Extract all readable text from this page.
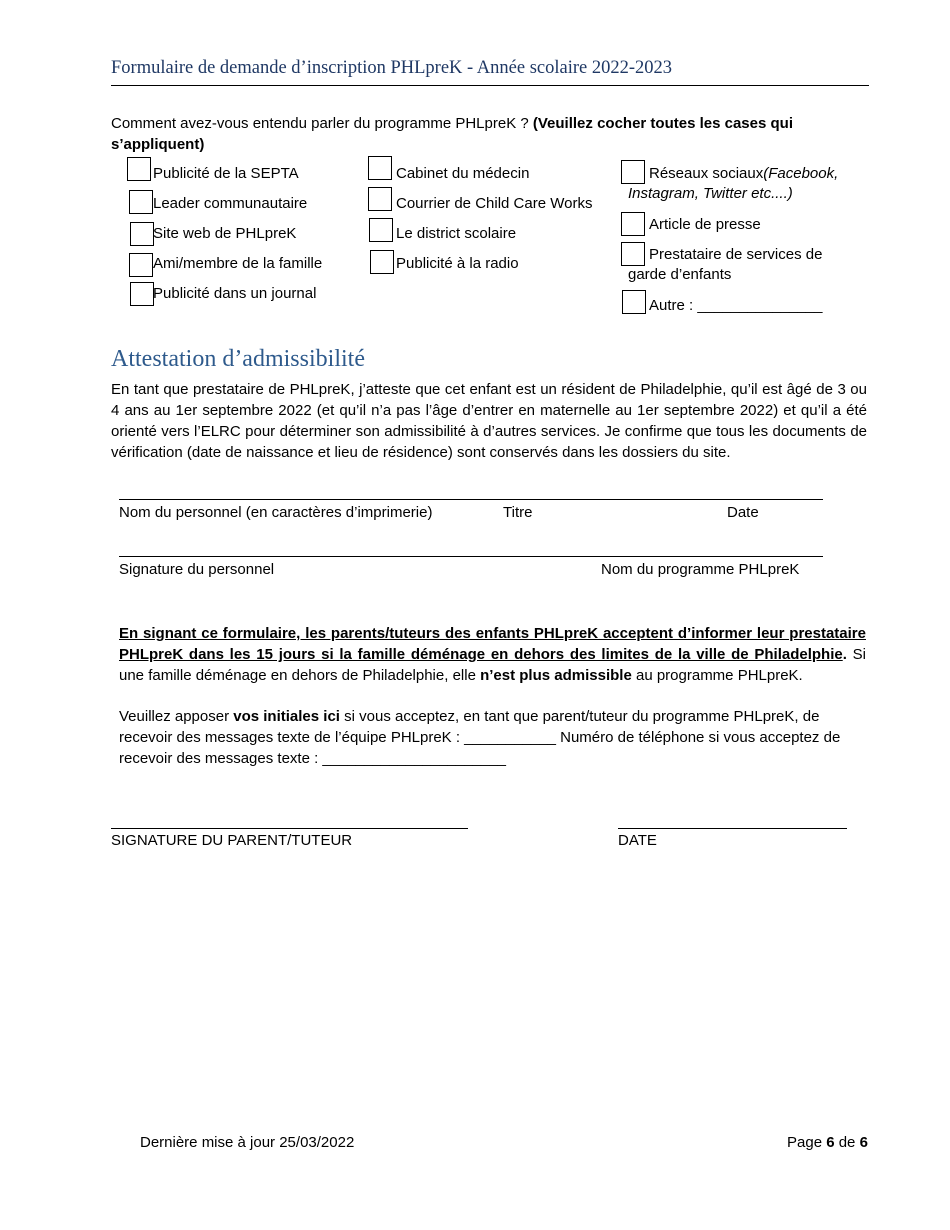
Formulaire de demande d’inscription PHLpreK - Année scolaire 2022-2023
Comment avez-vous entendu parler du programme PHLpreK ? (Veuillez cocher toutes les cases qui s’appliquent)
Publicité de la SEPTA
Leader communautaire
Site web de PHLpreK
Ami/membre de la famille
Publicité dans un journal
Cabinet du médecin
Courrier de Child Care Works
Le district scolaire
Publicité à la radio
Réseaux sociaux(Facebook,
Instagram, Twitter etc....)
Article de presse
Prestataire de services de
garde d’enfants
Autre : _______________
Attestation d’admissibilité
En tant que prestataire de PHLpreK, j’atteste que cet enfant est un résident de Philadelphie, qu’il est âgé de 3 ou 4 ans au 1er septembre 2022 (et qu’il n’a pas l’âge d’entrer en maternelle au 1er septembre 2022) et qu’il a été orienté vers l’ELRC pour déterminer son admissibilité à d’autres services. Je confirme que tous les documents de vérification (date de naissance et lieu de résidence) sont conservés dans les dossiers du site.
Nom du personnel (en caractères d’imprimerie)	Titre	Date
Signature du personnel	Nom du programme PHLpreK
En signant ce formulaire, les parents/tuteurs des enfants PHLpreK acceptent d’informer leur prestataire PHLpreK dans les 15 jours si la famille déménage en dehors des limites de la ville de Philadelphie. Si une famille déménage en dehors de Philadelphie, elle n’est plus admissible au programme PHLpreK.
Veuillez apposer vos initiales ici si vous acceptez, en tant que parent/tuteur du programme PHLpreK, de recevoir des messages texte de l’équipe PHLpreK : ___________ Numéro de téléphone si vous acceptez de recevoir des messages texte : ______________________
SIGNATURE DU PARENT/TUTEUR	DATE
Dernière mise à jour 25/03/2022	Page 6 de 6
